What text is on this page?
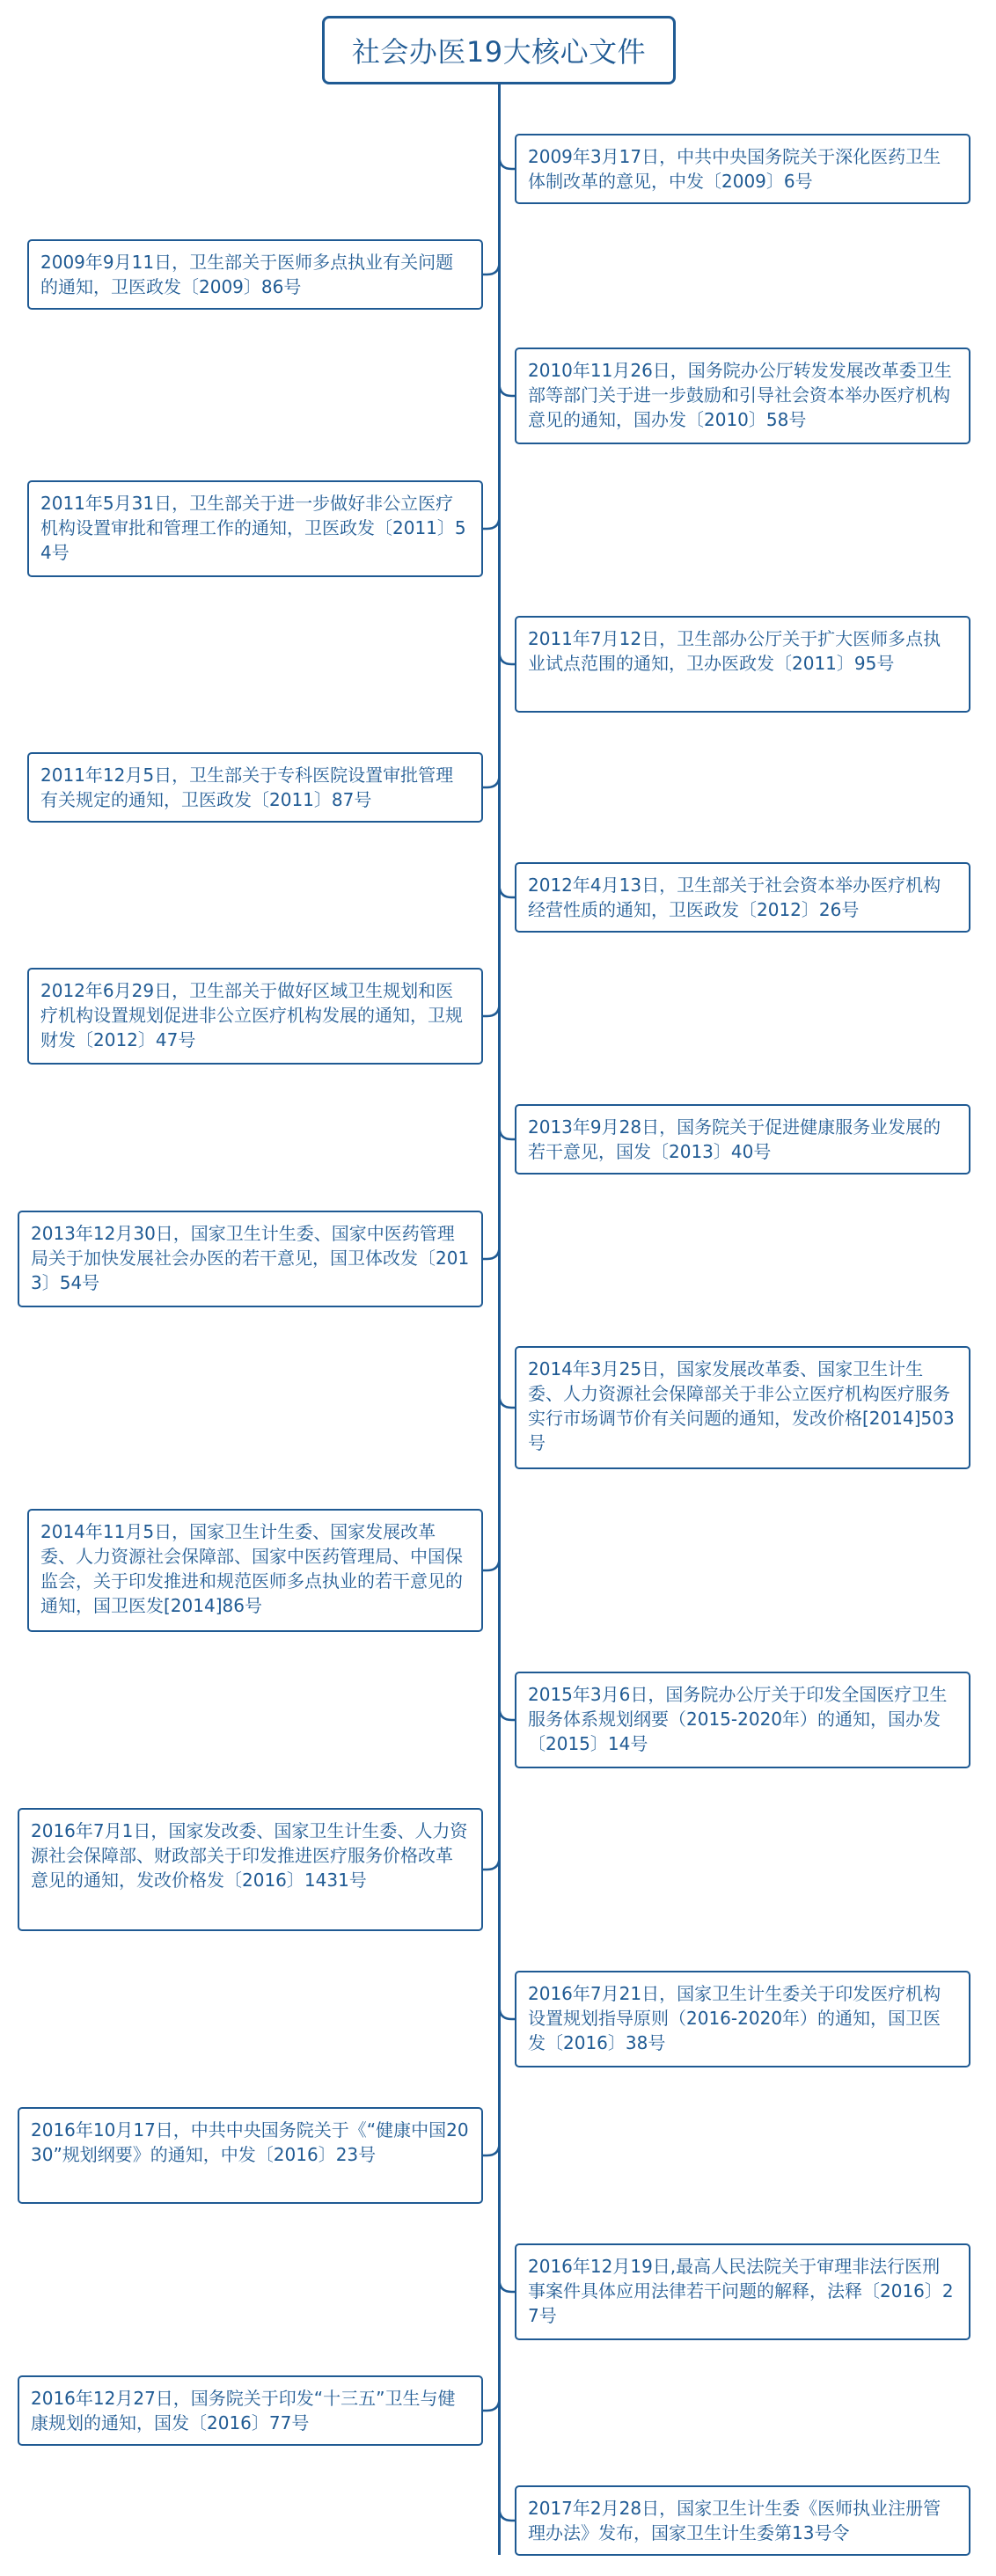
社会办医19大核心文件
2009年3月17日，中共中央国务院关于深化医药卫生体制改革的意见，中发〔2009〕6号
2009年9月11日，卫生部关于医师多点执业有关问题的通知，卫医政发〔2009〕86号
2010年11月26日，国务院办公厅转发发展改革委卫生部等部门关于进一步鼓励和引导社会资本举办医疗机构意见的通知，国办发〔2010〕58号
2011年5月31日，卫生部关于进一步做好非公立医疗机构设置审批和管理工作的通知，卫医政发〔2011〕54号
2011年7月12日，卫生部办公厅关于扩大医师多点执业试点范围的通知，卫办医政发〔2011〕95号
2011年12月5日，卫生部关于专科医院设置审批管理有关规定的通知，卫医政发〔2011〕87号
2012年4月13日，卫生部关于社会资本举办医疗机构经营性质的通知，卫医政发〔2012〕26号
2012年6月29日，卫生部关于做好区域卫生规划和医疗机构设置规划促进非公立医疗机构发展的通知，卫规财发〔2012〕47号
2013年9月28日，国务院关于促进健康服务业发展的若干意见，国发〔2013〕40号
2013年12月30日，国家卫生计生委、国家中医药管理局关于加快发展社会办医的若干意见，国卫体改发〔2013〕54号
2014年3月25日，国家发展改革委、国家卫生计生委、人力资源社会保障部关于非公立医疗机构医疗服务实行市场调节价有关问题的通知，发改价格[2014]503号
2014年11月5日，国家卫生计生委、国家发展改革委、人力资源社会保障部、国家中医药管理局、中国保监会，关于印发推进和规范医师多点执业的若干意见的通知，国卫医发[2014]86号
2015年3月6日，国务院办公厅关于印发全国医疗卫生服务体系规划纲要（2015-2020年）的通知，国办发〔2015〕14号
2016年7月1日，国家发改委、国家卫生计生委、人力资源社会保障部、财政部关于印发推进医疗服务价格改革意见的通知，发改价格发〔2016〕1431号
2016年7月21日，国家卫生计生委关于印发医疗机构设置规划指导原则（2016-2020年）的通知，国卫医发〔2016〕38号
2016年10月17日，中共中央国务院关于《“健康中国2030”规划纲要》的通知，中发〔2016〕23号
2016年12月19日,最高人民法院关于审理非法行医刑事案件具体应用法律若干问题的解释，法释〔2016〕27号
2016年12月27日，国务院关于印发“十三五”卫生与健康规划的通知，国发〔2016〕77号
2017年2月28日，国家卫生计生委《医师执业注册管理办法》发布，国家卫生计生委第13号令
